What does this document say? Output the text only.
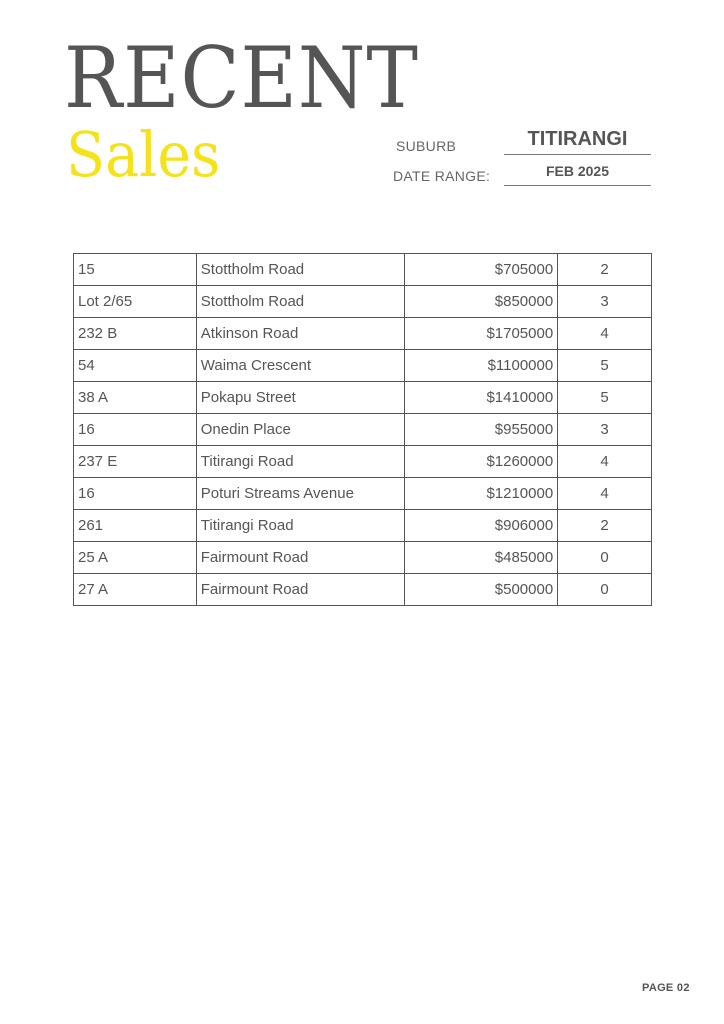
RECENT
Sales	SUBURB	TITIRANGI
DATE RANGE:	FEB 2025
15	Stottholm Road	$705000	2
Lot 2/65	Stottholm Road	$850000	3
232 B	Atkinson Road	$1705000	4
54	Waima Crescent	$1100000	5
38 A	Pokapu Street	$1410000	5
16	Onedin Place	$955000	3
237 E	Titirangi Road	$1260000	4
16	Poturi Streams Avenue	$1210000	4
261	Titirangi Road	$906000	2
25 A	Fairmount Road	$485000	0
27 A	Fairmount Road	$500000	0
PAGE 02
